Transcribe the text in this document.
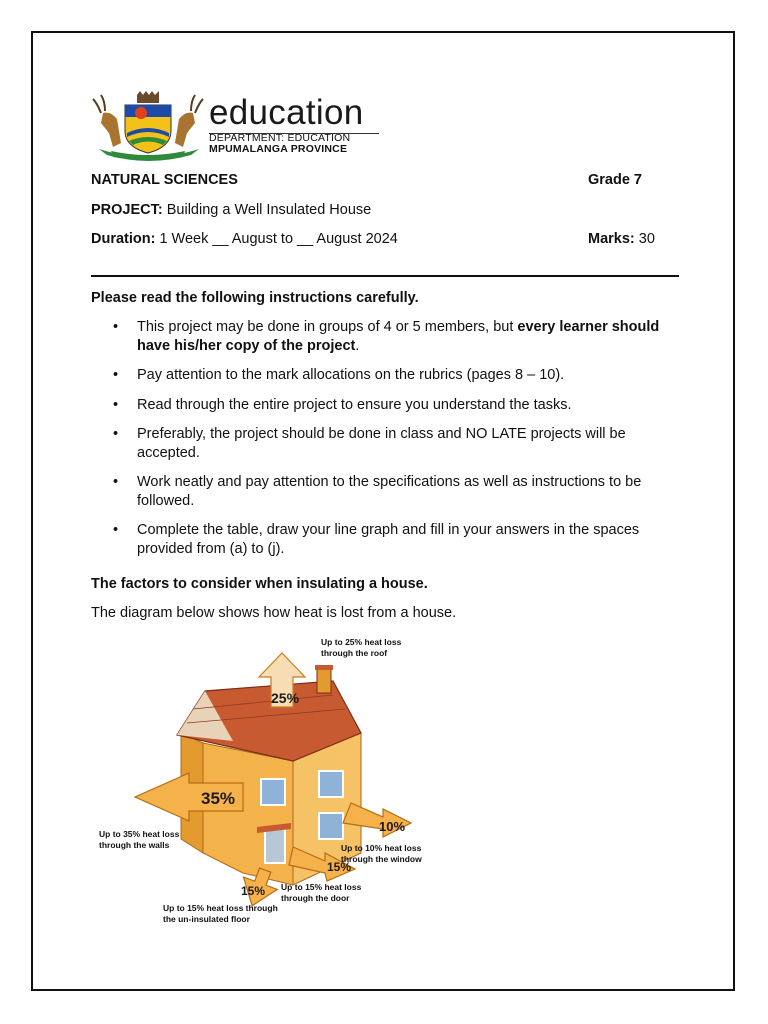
education
DEPARTMENT: EDUCATION
MPUMALANGA PROVINCE
NATURAL SCIENCES	Grade 7
PROJECT: Building a Well Insulated House
Duration: 1 Week __ August to __ August 2024	Marks: 30
Please read the following instructions carefully.
• This project may be done in groups of 4 or 5 members, but every learner should have his/her copy of the project.
• Pay attention to the mark allocations on the rubrics (pages 8 – 10).
• Read through the entire project to ensure you understand the tasks.
• Preferably, the project should be done in class and NO LATE projects will be accepted.
• Work neatly and pay attention to the specifications as well as instructions to be followed.
• Complete the table, draw your line graph and fill in your answers in the spaces provided from (a) to (j).
The factors to consider when insulating a house.
The diagram below shows how heat is lost from a house.
25%
35%
10%
15%
15%
Up to 25% heat loss
through the roof
Up to 35% heat loss
through the walls	Up to 10% heat loss
through the window
Up to 15% heat loss
through the door
Up to 15% heat loss through
the un-insulated floor
